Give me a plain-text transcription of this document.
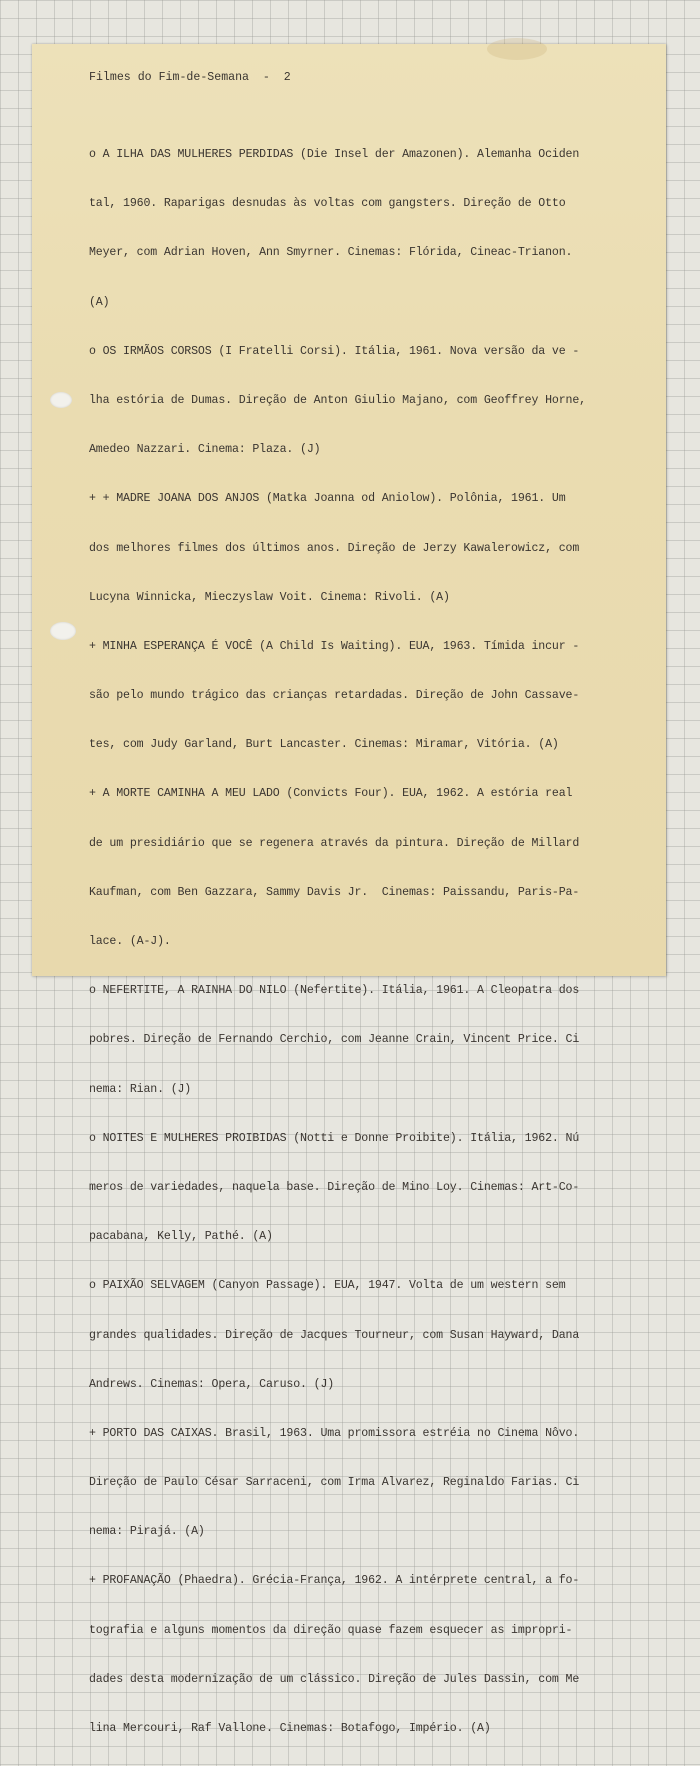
Filmes do Fim-de-Semana  -  2

o A ILHA DAS MULHERES PERDIDAS (Die Insel der Amazonen). Alemanha Ociden

tal, 1960. Raparigas desnudas às voltas com gangsters. Direção de Otto

Meyer, com Adrian Hoven, Ann Smyrner. Cinemas: Flórida, Cineac-Trianon.

(A)

o OS IRMÃOS CORSOS (I Fratelli Corsi). Itália, 1961. Nova versão da ve -

lha estória de Dumas. Direção de Anton Giulio Majano, com Geoffrey Horne,

Amedeo Nazzari. Cinema: Plaza. (J)

+ + MADRE JOANA DOS ANJOS (Matka Joanna od Aniolow). Polônia, 1961. Um

dos melhores filmes dos últimos anos. Direção de Jerzy Kawalerowicz, com

Lucyna Winnicka, Mieczyslaw Voit. Cinema: Rivoli. (A)

+ MINHA ESPERANÇA É VOCÊ (A Child Is Waiting). EUA, 1963. Tímida incur -

são pelo mundo trágico das crianças retardadas. Direção de John Cassave-

tes, com Judy Garland, Burt Lancaster. Cinemas: Miramar, Vitória. (A)

+ A MORTE CAMINHA A MEU LADO (Convicts Four). EUA, 1962. A estória real

de um presidiário que se regenera através da pintura. Direção de Millard

Kaufman, com Ben Gazzara, Sammy Davis Jr.  Cinemas: Paissandu, Paris-Pa-

lace. (A-J).

o NEFERTITE, A RAINHA DO NILO (Nefertite). Itália, 1961. A Cleopatra dos

pobres. Direção de Fernando Cerchio, com Jeanne Crain, Vincent Price. Ci

nema: Rian. (J)

o NOITES E MULHERES PROIBIDAS (Notti e Donne Proibite). Itália, 1962. Nú

meros de variedades, naquela base. Direção de Mino Loy. Cinemas: Art-Co-

pacabana, Kelly, Pathé. (A)

o PAIXÃO SELVAGEM (Canyon Passage). EUA, 1947. Volta de um western sem

grandes qualidades. Direção de Jacques Tourneur, com Susan Hayward, Dana

Andrews. Cinemas: Opera, Caruso. (J)

+ PORTO DAS CAIXAS. Brasil, 1963. Uma promissora estréia no Cinema Nôvo.

Direção de Paulo César Sarraceni, com Irma Alvarez, Reginaldo Farias. Ci

nema: Pirajá. (A)

+ PROFANAÇÃO (Phaedra). Grécia-França, 1962. A intérprete central, a fo-

tografia e alguns momentos da direção quase fazem esquecer as impropri-

dades desta modernização de um clássico. Direção de Jules Dassin, com Me

lina Mercouri, Raf Vallone. Cinemas: Botafogo, Império. (A)
